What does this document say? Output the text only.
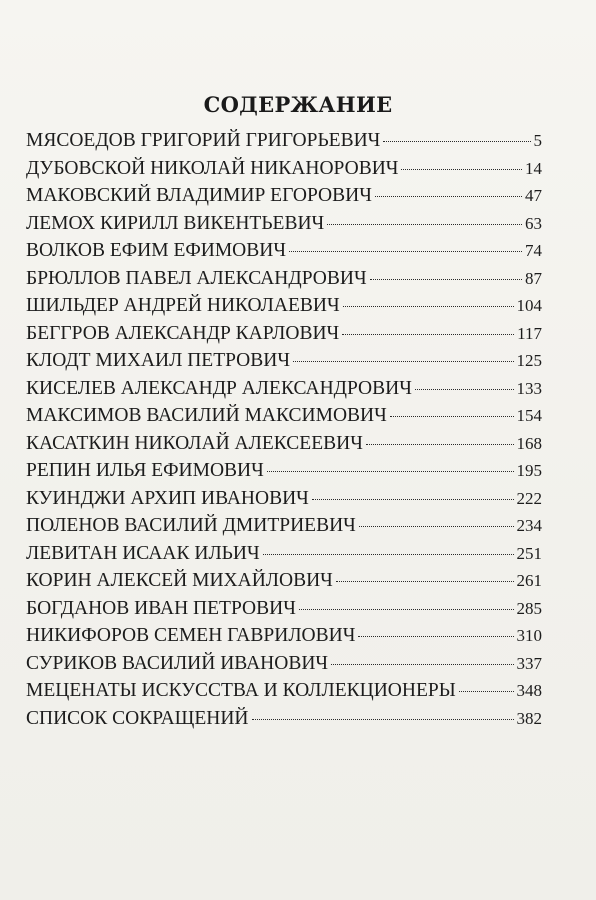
СОДЕРЖАНИЕ
МЯСОЕДОВ ГРИГОРИЙ ГРИГОРЬЕВИЧ	5
ДУБОВСКОЙ НИКОЛАЙ НИКАНОРОВИЧ	14
МАКОВСКИЙ ВЛАДИМИР ЕГОРОВИЧ	47
ЛЕМОХ КИРИЛЛ ВИКЕНТЬЕВИЧ	63
ВОЛКОВ ЕФИМ ЕФИМОВИЧ	74
БРЮЛЛОВ ПАВЕЛ АЛЕКСАНДРОВИЧ	87
ШИЛЬДЕР АНДРЕЙ НИКОЛАЕВИЧ	104
БЕГГРОВ АЛЕКСАНДР КАРЛОВИЧ	117
КЛОДТ МИХАИЛ ПЕТРОВИЧ	125
КИСЕЛЕВ АЛЕКСАНДР АЛЕКСАНДРОВИЧ	133
МАКСИМОВ ВАСИЛИЙ МАКСИМОВИЧ	154
КАСАТКИН НИКОЛАЙ АЛЕКСЕЕВИЧ	168
РЕПИН ИЛЬЯ ЕФИМОВИЧ	195
КУИНДЖИ АРХИП ИВАНОВИЧ	222
ПОЛЕНОВ ВАСИЛИЙ ДМИТРИЕВИЧ	234
ЛЕВИТАН ИСААК ИЛЬИЧ	251
КОРИН АЛЕКСЕЙ МИХАЙЛОВИЧ	261
БОГДАНОВ ИВАН ПЕТРОВИЧ	285
НИКИФОРОВ СЕМЕН ГАВРИЛОВИЧ	310
СУРИКОВ ВАСИЛИЙ ИВАНОВИЧ	337
МЕЦЕНАТЫ ИСКУССТВА И КОЛЛЕКЦИОНЕРЫ	348
СПИСОК СОКРАЩЕНИЙ	382
